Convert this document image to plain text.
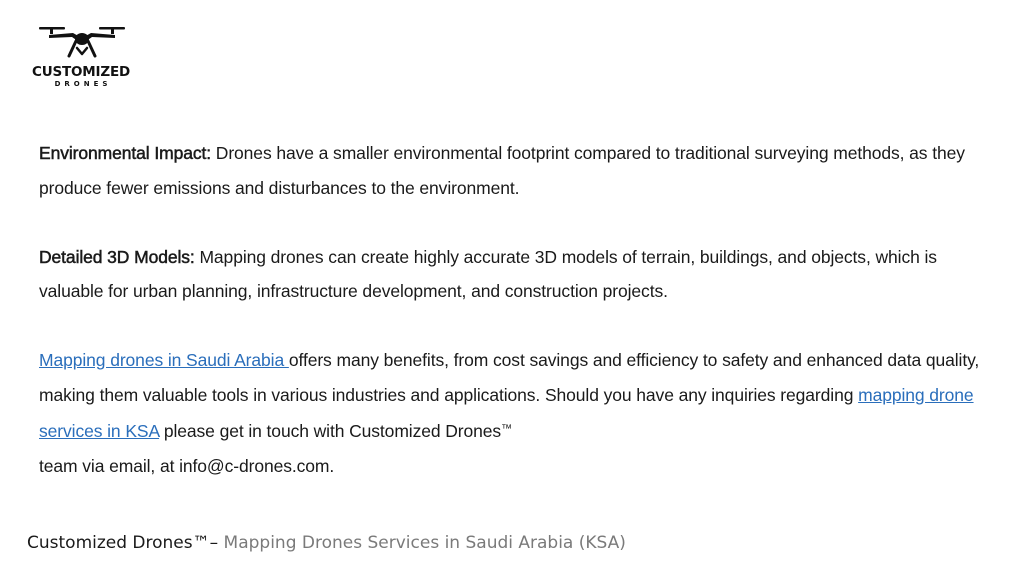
CUSTOMIZED
DRONES

Environmental Impact: Drones have a smaller environmental footprint compared to traditional surveying methods, as they produce fewer emissions and disturbances to the environment.

Detailed 3D Models: Mapping drones can create highly accurate 3D models of terrain, buildings, and objects, which is valuable for urban planning, infrastructure development, and construction projects.

Mapping drones in Saudi Arabia offers many benefits, from cost savings and efficiency to safety and enhanced data quality, making them valuable tools in various industries and applications. Should you have any inquiries regarding mapping drone services in KSA please get in touch with Customized Drones™
team via email, at info@c-drones.com.

Customized Drones™– Mapping Drones Services in Saudi Arabia (KSA)
